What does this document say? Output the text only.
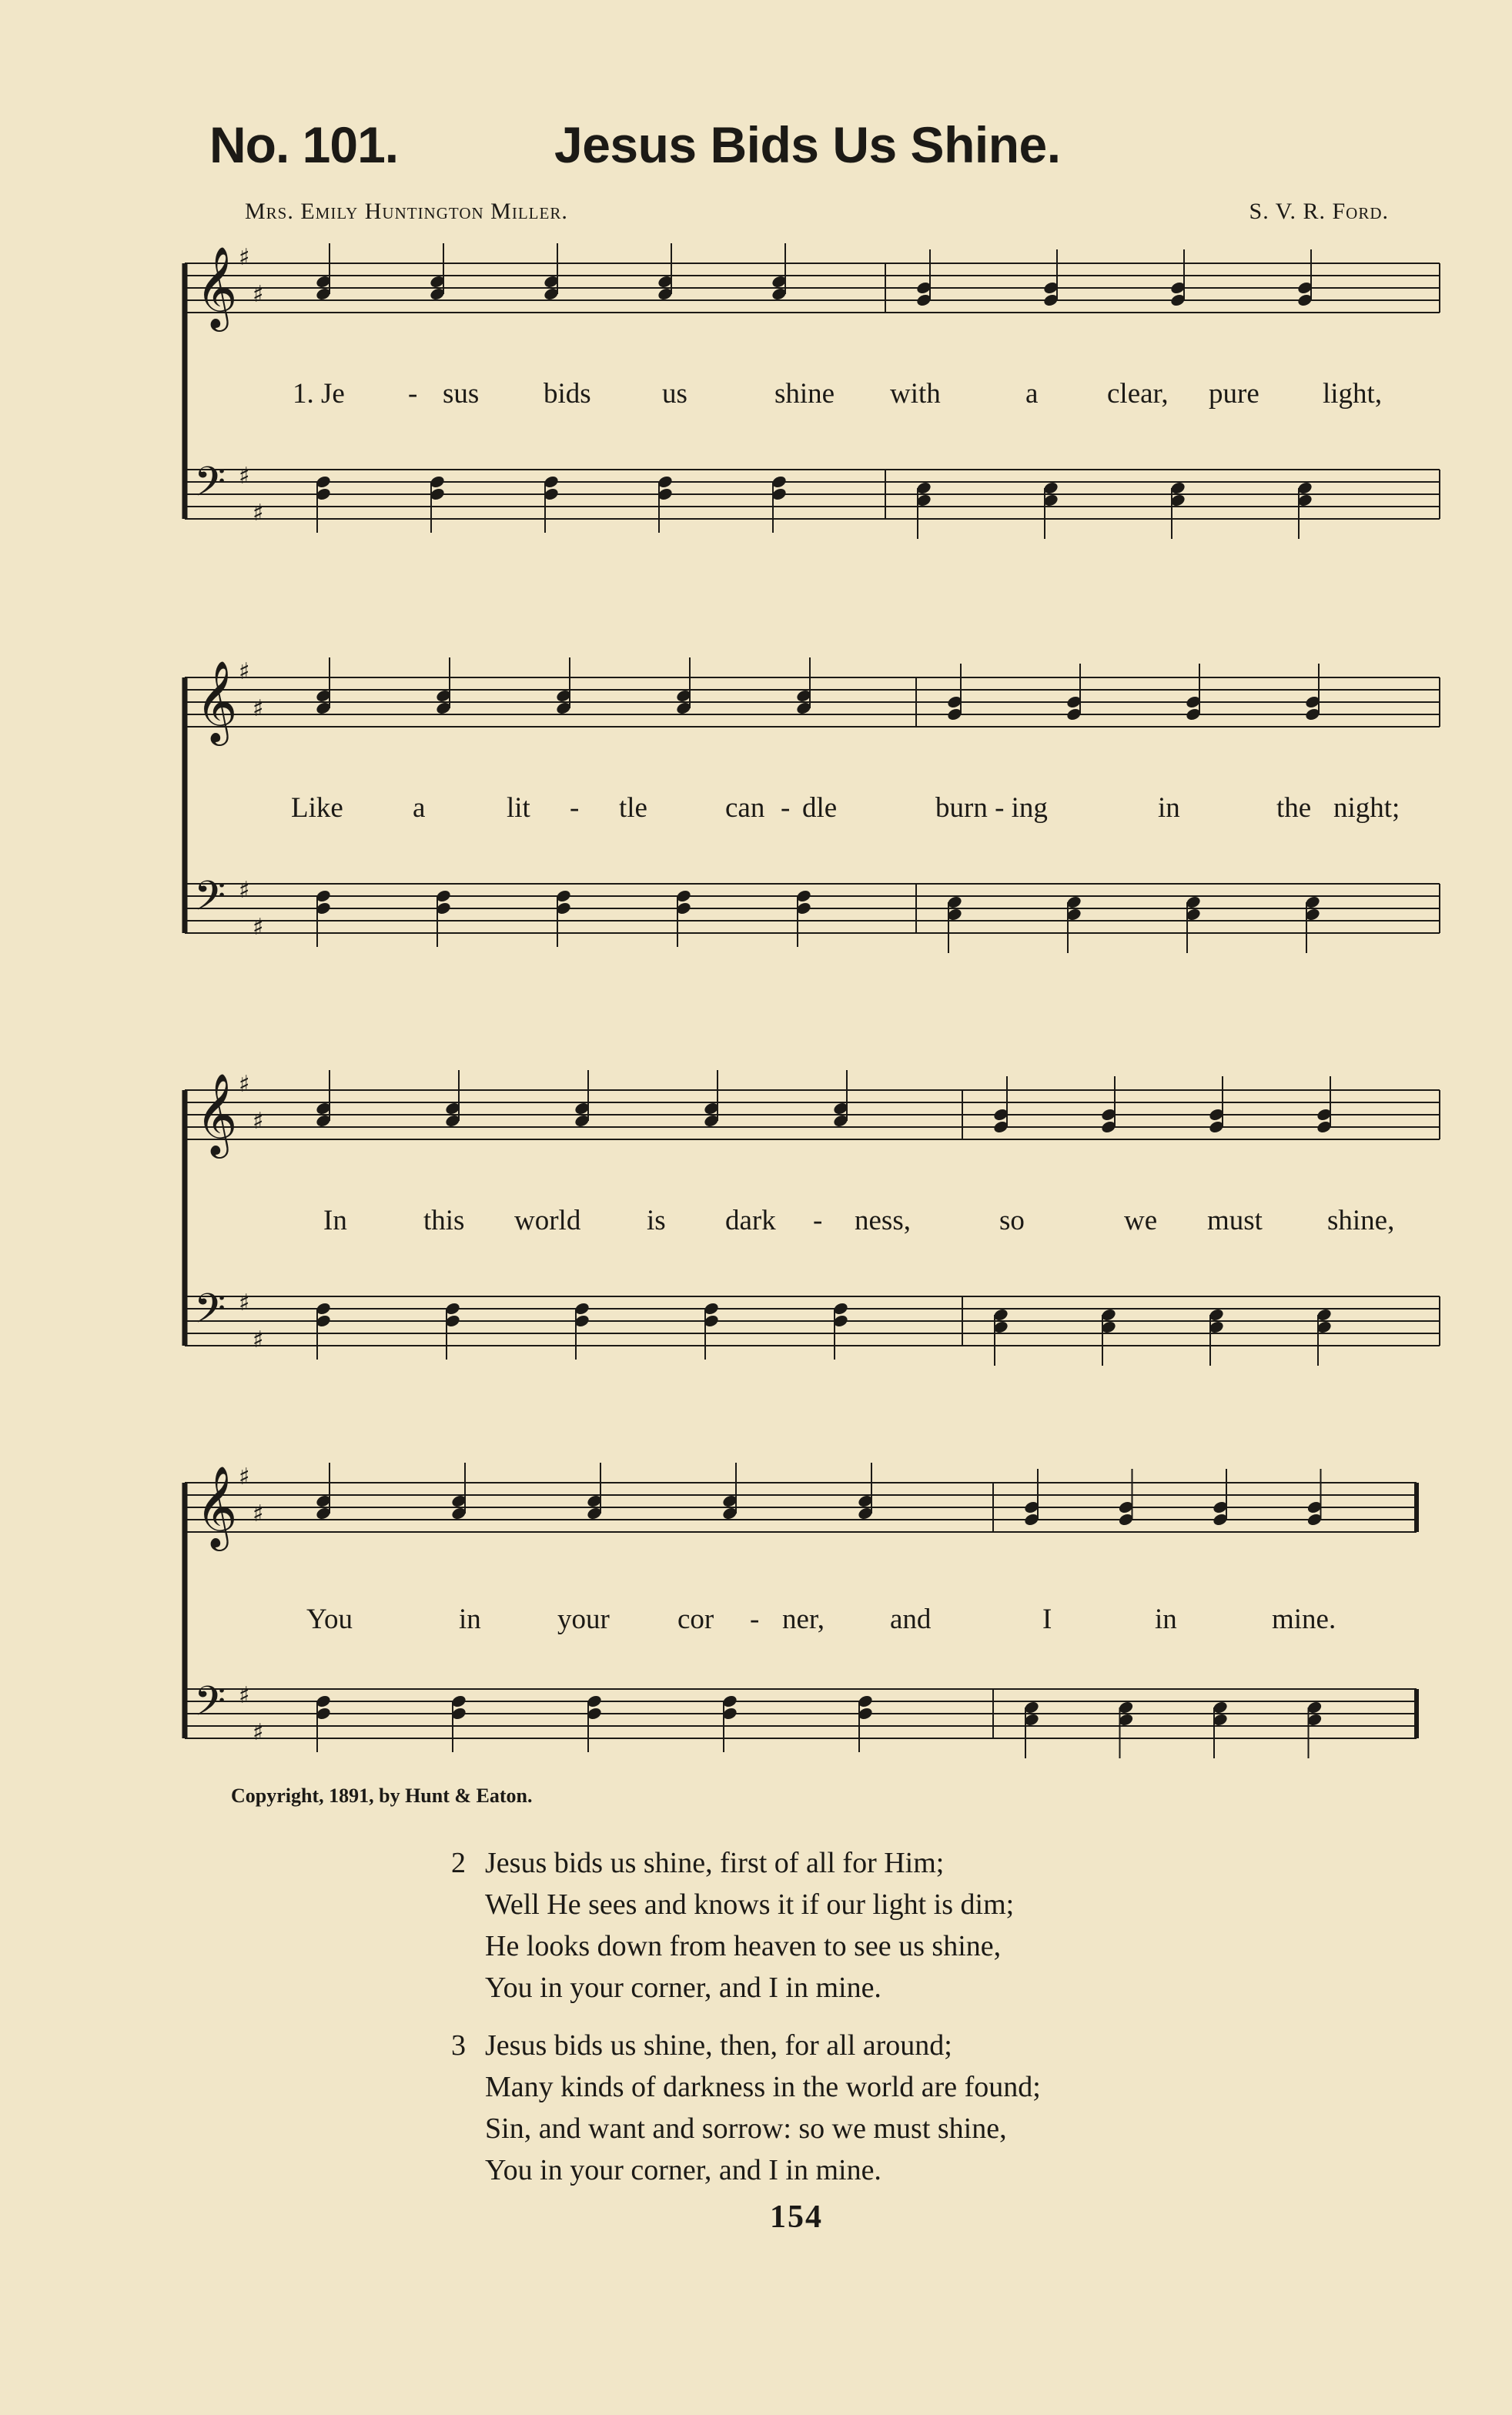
No. 101.	Jesus Bids Us Shine.
Mrs. Emily Huntington Miller.	S. V. R. Ford.
𝄞
𝄢
♯
♯
♯
♯
1. Je - sus bids us	shine with	a clear, pure light,
𝄞
𝄢
♯
♯
♯
♯
Like a	lit - tle	can - dle	burn - ing	in	the night;
𝄞
𝄢
♯
♯
♯
♯
In	this world is dark - ness,	so	we must shine,
𝄞
𝄢
♯
♯
♯
♯
You	in	your cor - ner, and	I	in	mine.
Copyright, 1891, by Hunt & Eaton.
2 Jesus bids us shine, first of all for Him;
Well He sees and knows it if our light is dim;
He looks down from heaven to see us shine,
You in your corner, and I in mine.
3 Jesus bids us shine, then, for all around;
Many kinds of darkness in the world are found;
Sin, and want and sorrow: so we must shine,
You in your corner, and I in mine.
154
